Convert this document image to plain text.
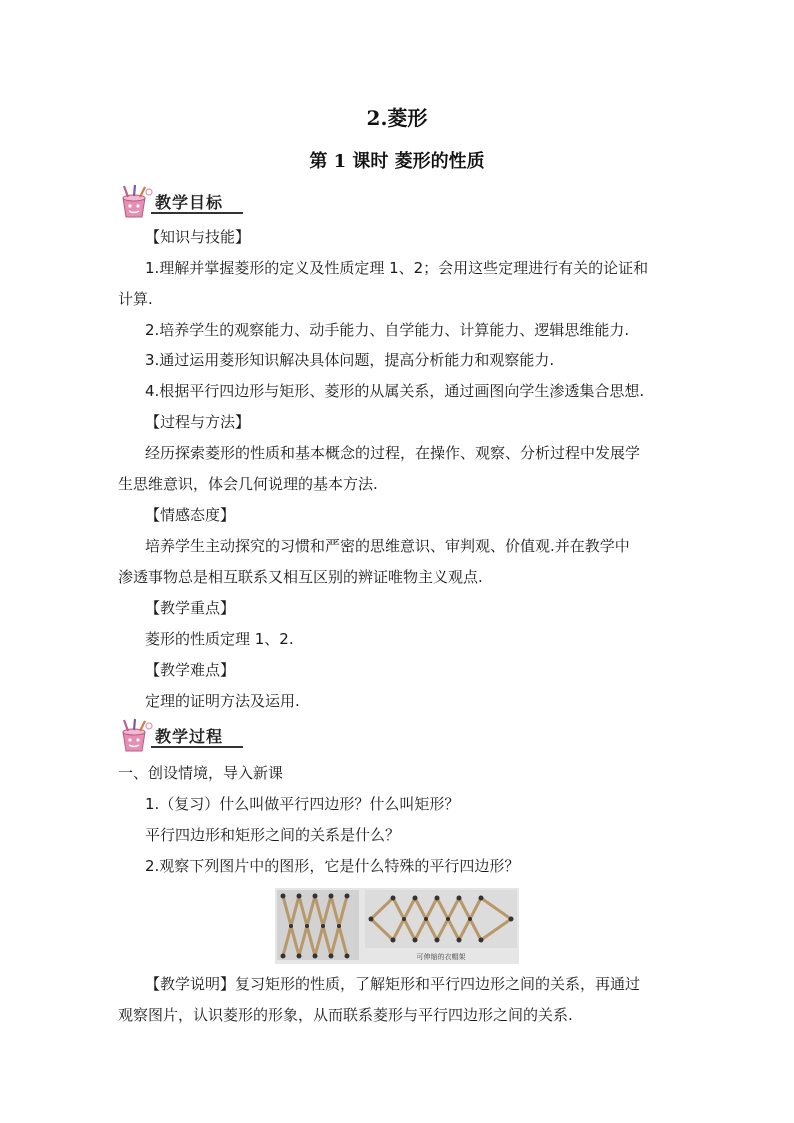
2.菱形
第 1 课时 菱形的性质
教学目标
【知识与技能】
1.理解并掌握菱形的定义及性质定理 1、2；会用这些定理进行有关的论证和
计算.
2.培养学生的观察能力、动手能力、自学能力、计算能力、逻辑思维能力.
3.通过运用菱形知识解决具体问题，提高分析能力和观察能力.
4.根据平行四边形与矩形、菱形的从属关系，通过画图向学生渗透集合思想.
【过程与方法】
经历探索菱形的性质和基本概念的过程，在操作、观察、分析过程中发展学
生思维意识，体会几何说理的基本方法.
【情感态度】
培养学生主动探究的习惯和严密的思维意识、审判观、价值观.并在教学中
渗透事物总是相互联系又相互区别的辨证唯物主义观点.
【教学重点】
菱形的性质定理 1、2.
【教学难点】
定理的证明方法及运用.
教学过程
一、创设情境，导入新课
1.（复习）什么叫做平行四边形？什么叫矩形？
平行四边形和矩形之间的关系是什么？
2.观察下列图片中的图形，它是什么特殊的平行四边形？
可伸缩的衣帽架
【教学说明】复习矩形的性质，了解矩形和平行四边形之间的关系，再通过
观察图片，认识菱形的形象，从而联系菱形与平行四边形之间的关系.
